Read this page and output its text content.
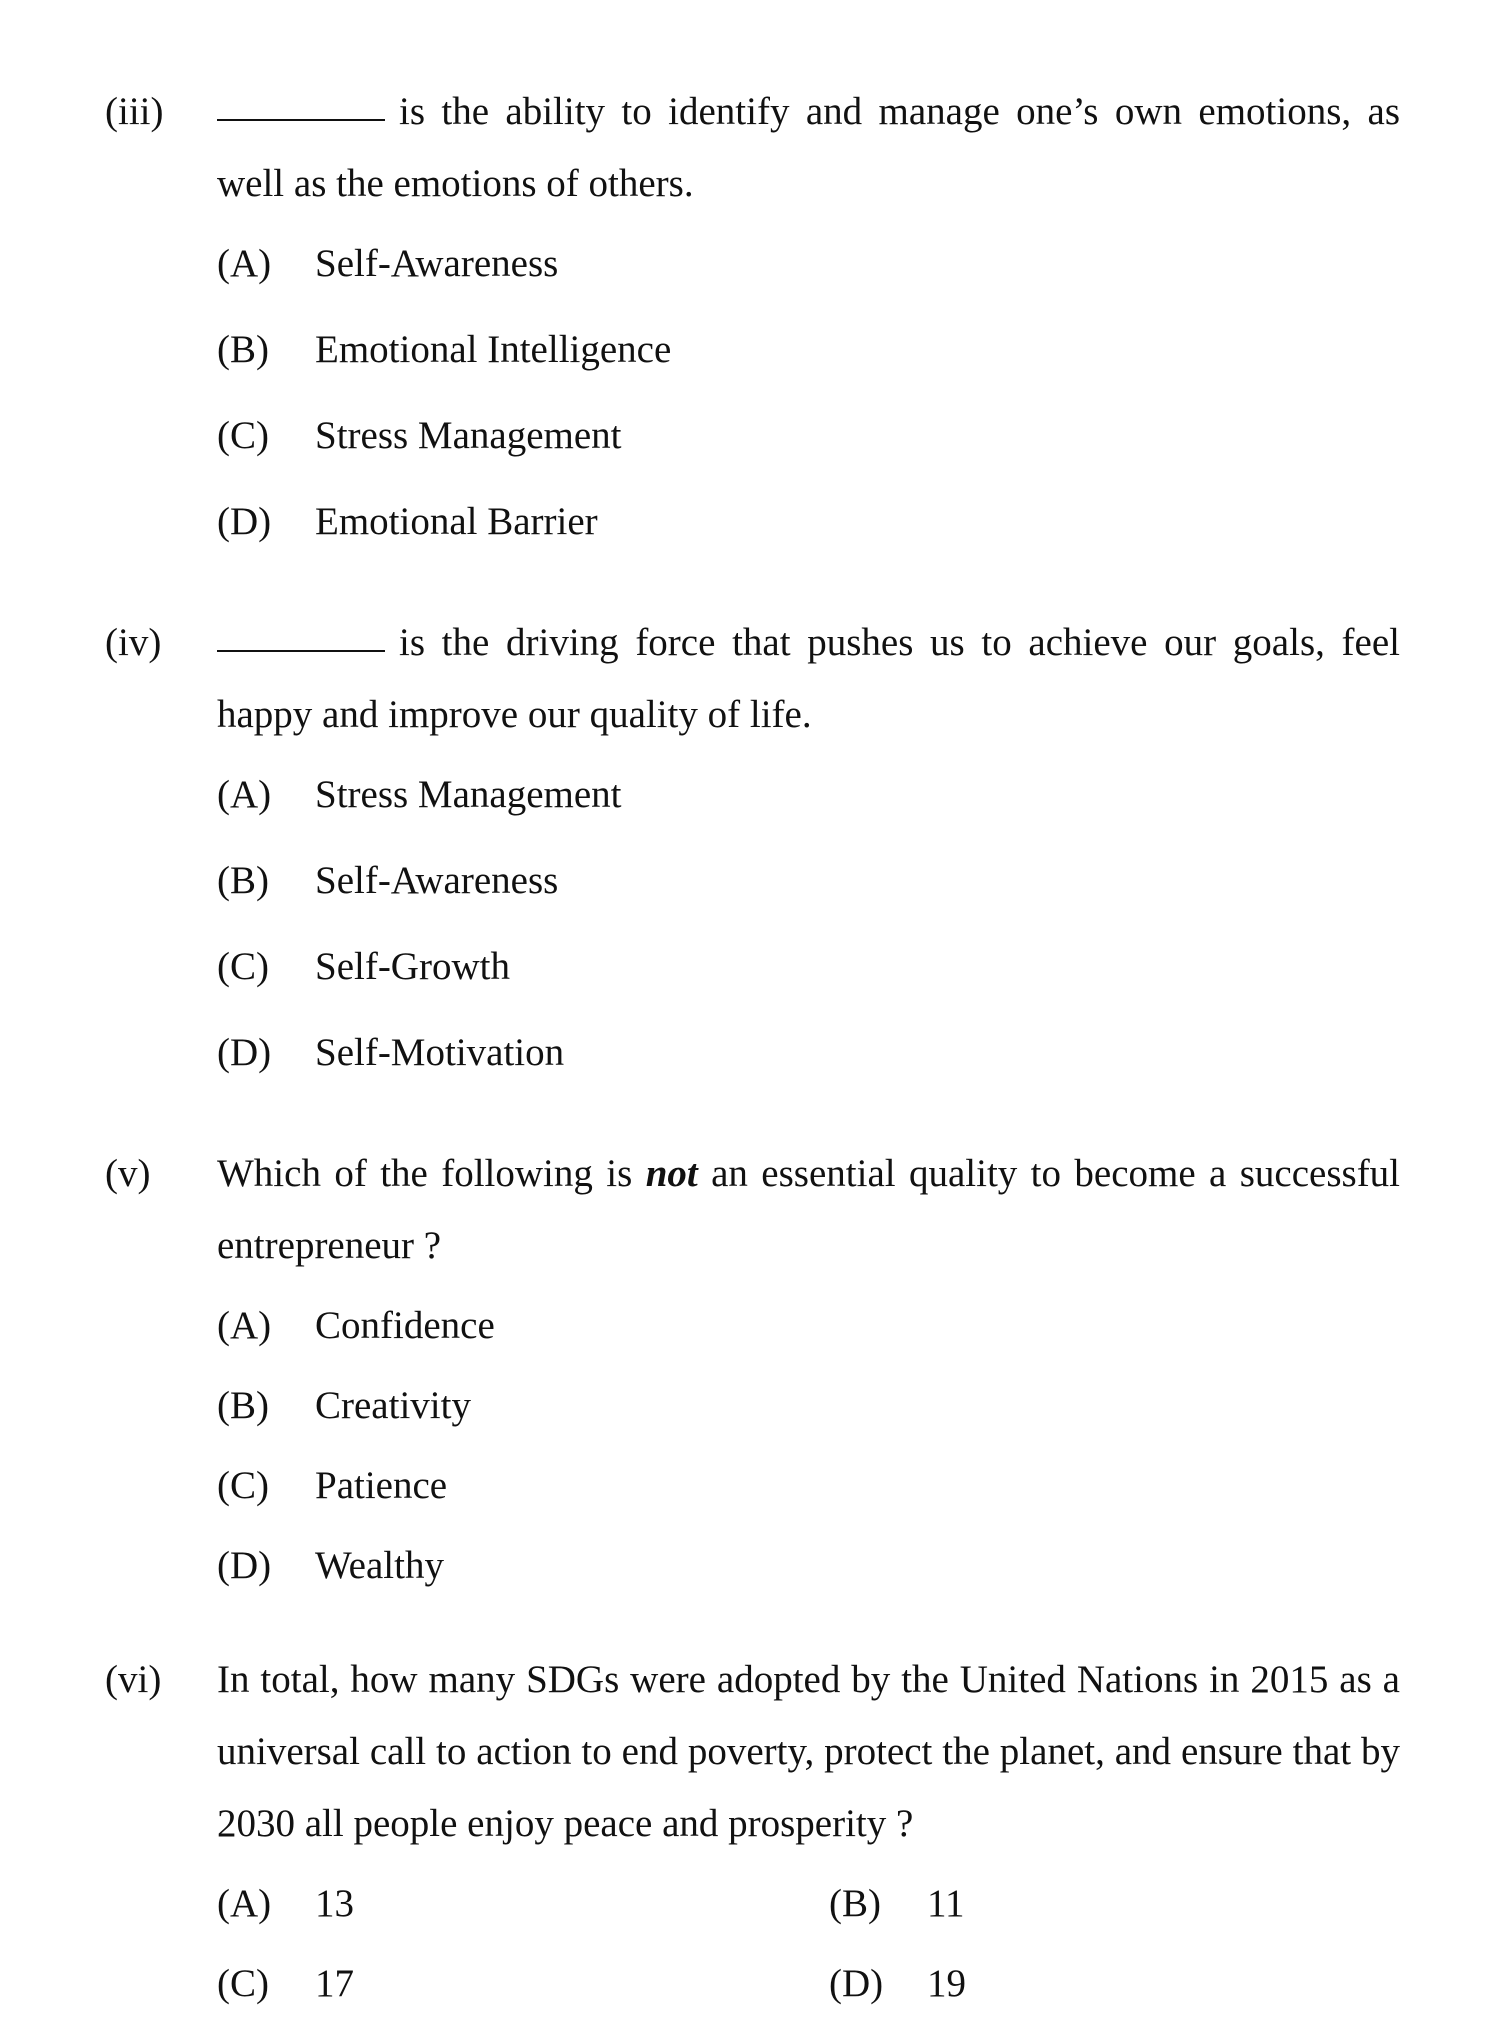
(iii)	is the ability to identify and manage one’s own emotions, as well as the emotions of others.
(A) Self-Awareness
(B) Emotional Intelligence
(C) Stress Management
(D) Emotional Barrier
(iv)	is the driving force that pushes us to achieve our goals, feel happy and improve our quality of life.
(A) Stress Management
(B) Self-Awareness
(C) Self-Growth
(D) Self-Motivation
(v) Which of the following is not an essential quality to become a successful entrepreneur ?
(A) Confidence
(B) Creativity
(C) Patience
(D) Wealthy
(vi) In total, how many SDGs were adopted by the United Nations in 2015 as a universal call to action to end poverty, protect the planet, and ensure that by 2030 all people enjoy peace and prosperity ?
(A) 13	(B) 11
(C) 17	(D) 19
